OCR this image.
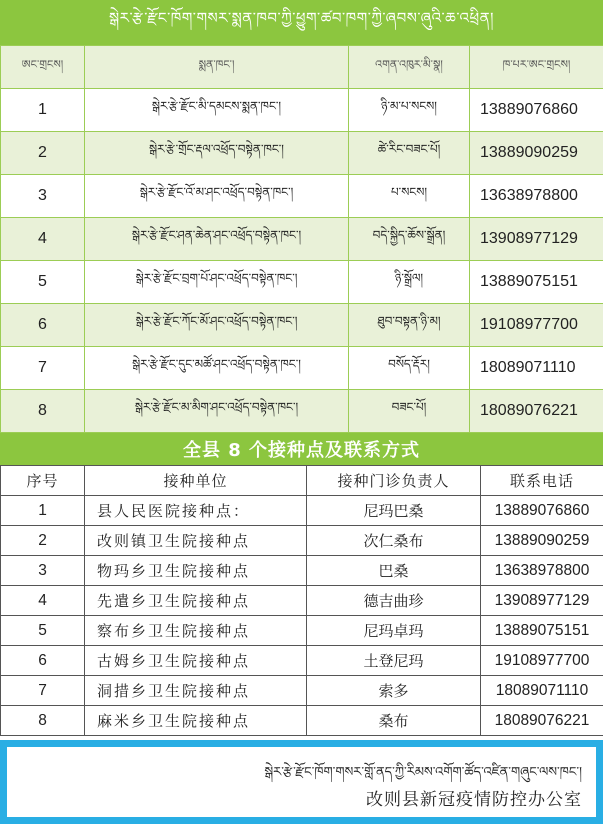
སྒེར་རྩེ་རྫོང་ཁོག་གསར་སྨན་ཁབ་ཀྱི་ཕྱུག་ཚབ་ཁག་ཀྱི་ཞབས་ཞུའི་ཆ་འཕྲིན།
ཨང་གྲངས།	སྨན་ཁང་།	འགན་འཁུར་མི་སྣ།	ཁ་པར་ཨང་གྲངས།
1	སྒེར་རྩེ་རྫོང་མི་དམངས་སྨན་ཁང་།	ཉི་མ་པ་སངས།	13889076860
2	སྒེར་རྩེ་གྲོང་རྡལ་འཕྲོད་བསྟེན་ཁང་།	ཚེ་རིང་བཟང་པོ།	13889090259
3	སྒེར་རྩེ་རྫོང་འོ་མ་ཤང་འཕྲོད་བསྟེན་ཁང་།	པ་སངས།	13638978800
4	སྒེར་རྩེ་རྫོང་ཤན་ཆེན་ཤང་འཕྲོད་བསྟེན་ཁང་།	བདེ་སྐྱིད་ཆོས་སྒྲོན།	13908977129
5	སྒེར་རྩེ་རྫོང་བྲག་པོ་ཤང་འཕྲོད་བསྟེན་ཁང་།	ཉི་སྒྲོལ།	13889075151
6	སྒེར་རྩེ་རྫོང་ཀོང་མོ་ཤང་འཕྲོད་བསྟེན་ཁང་།	ཐུབ་བསྟན་ཉི་མ།	19108977700
7	སྒེར་རྩེ་རྫོང་དུང་མཚོ་ཤང་འཕྲོད་བསྟེན་ཁང་།	བསོད་རྡོར།	18089071110
8	སྒེར་རྩེ་རྫོང་མ་མིག་ཤང་འཕྲོད་བསྟེན་ཁང་།	བཟང་པོ།	18089076221
全县 8 个接种点及联系方式
序号	接种单位	接种门诊负责人	联系电话
1	县人民医院接种点：	尼玛巴桑	13889076860
2	改则镇卫生院接种点	次仁桑布	13889090259
3	物玛乡卫生院接种点	巴桑	13638978800
4	先遣乡卫生院接种点	德吉曲珍	13908977129
5	察布乡卫生院接种点	尼玛卓玛	13889075151
6	古姆乡卫生院接种点	土登尼玛	19108977700
7	洞措乡卫生院接种点	索多	18089071110
8	麻米乡卫生院接种点	桑布	18089076221
སྒེར་རྩེ་རྫོང་ཁོག་གསར་གློ་ནད་ཀྱི་རིམས་འགོག་ཚོད་འཛིན་གཞུང་ལས་ཁང་།
改则县新冠疫情防控办公室
